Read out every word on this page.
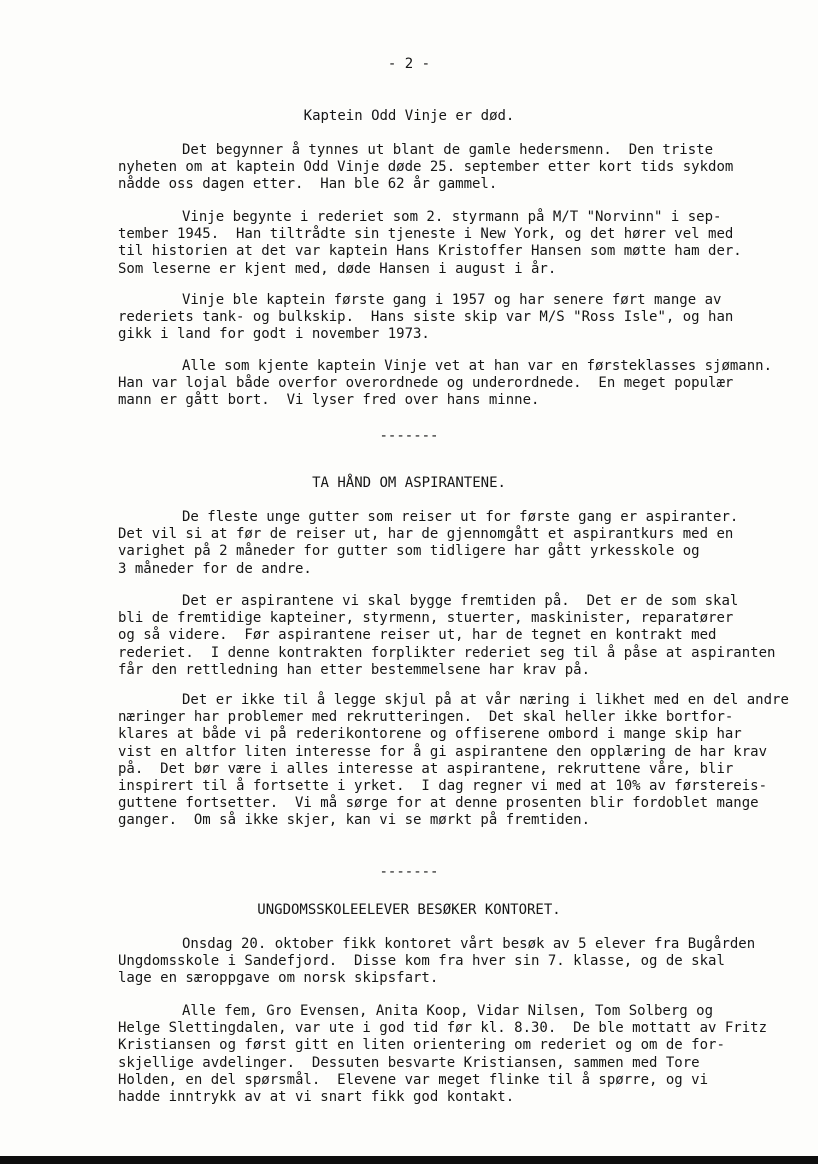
- 2 -
Kaptein Odd Vinje er død.

Det begynner å tynnes ut blant de gamle hedersmenn.  Den triste
nyheten om at kaptein Odd Vinje døde 25. september etter kort tids sykdom
nådde oss dagen etter.  Han ble 62 år gammel.

Vinje begynte i rederiet som 2. styrmann på M/T "Norvinn" i sep-
tember 1945.  Han tiltrådte sin tjeneste i New York, og det hører vel med
til historien at det var kaptein Hans Kristoffer Hansen som møtte ham der.
Som leserne er kjent med, døde Hansen i august i år.

Vinje ble kaptein første gang i 1957 og har senere ført mange av
rederiets tank- og bulkskip.  Hans siste skip var M/S "Ross Isle", og han
gikk i land for godt i november 1973.

Alle som kjente kaptein Vinje vet at han var en førsteklasses sjømann.
Han var lojal både overfor overordnede og underordnede.  En meget populær
mann er gått bort.  Vi lyser fred over hans minne.

-------
TA HÅND OM ASPIRANTENE.

De fleste unge gutter som reiser ut for første gang er aspiranter.
Det vil si at før de reiser ut, har de gjennomgått et aspirantkurs med en
varighet på 2 måneder for gutter som tidligere har gått yrkesskole og
3 måneder for de andre.

Det er aspirantene vi skal bygge fremtiden på.  Det er de som skal
bli de fremtidige kapteiner, styrmenn, stuerter, maskinister, reparatører
og så videre.  Før aspirantene reiser ut, har de tegnet en kontrakt med
rederiet.  I denne kontrakten forplikter rederiet seg til å påse at aspiranten
får den rettledning han etter bestemmelsene har krav på.

Det er ikke til å legge skjul på at vår næring i likhet med en del andre
næringer har problemer med rekrutteringen.  Det skal heller ikke bortfor-
klares at både vi på rederikontorene og offiserene ombord i mange skip har
vist en altfor liten interesse for å gi aspirantene den opplæring de har krav
på.  Det bør være i alles interesse at aspirantene, rekruttene våre, blir
inspirert til å fortsette i yrket.  I dag regner vi med at 10% av førstereis-
guttene fortsetter.  Vi må sørge for at denne prosenten blir fordoblet mange
ganger.  Om så ikke skjer, kan vi se mørkt på fremtiden.

-------
UNGDOMSSKOLEELEVER BESØKER KONTORET.

Onsdag 20. oktober fikk kontoret vårt besøk av 5 elever fra Bugården
Ungdomsskole i Sandefjord.  Disse kom fra hver sin 7. klasse, og de skal
lage en særoppgave om norsk skipsfart.

Alle fem, Gro Evensen, Anita Koop, Vidar Nilsen, Tom Solberg og
Helge Slettingdalen, var ute i god tid før kl. 8.30.  De ble mottatt av Fritz
Kristiansen og først gitt en liten orientering om rederiet og om de for-
skjellige avdelinger.  Dessuten besvarte Kristiansen, sammen med Tore
Holden, en del spørsmål.  Elevene var meget flinke til å spørre, og vi
hadde inntrykk av at vi snart fikk god kontakt.
